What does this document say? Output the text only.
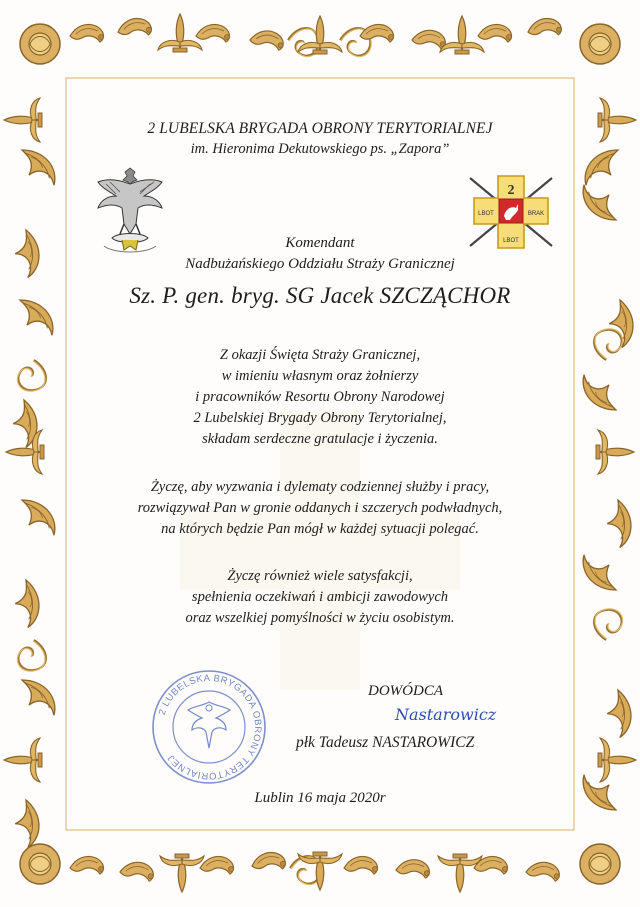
2 LUBELSKA BRYGADA OBRONY TERYTORIALNEJ
im. Hieronima Dekutowskiego ps. „Zapora”
2
LBOT	BRAK
LBOT
Komendant
Nadbużańskiego Oddziału Straży Granicznej
Sz. P. gen. bryg. SG Jacek SZCZĄCHOR
Z okazji Święta Straży Granicznej,
w imieniu własnym oraz żołnierzy
i pracowników Resortu Obrony Narodowej
2 Lubelskiej Brygady Obrony Terytorialnej,
składam serdeczne gratulacje i życzenia.
Życzę, aby wyzwania i dylematy codziennej służby i pracy,
rozwiązywał Pan w gronie oddanych i szczerych podwładnych,
na których będzie Pan mógł w każdej sytuacji polegać.
Życzę również wiele satysfakcji,
spełnienia oczekiwań i ambicji zawodowych
oraz wszelkiej pomyślności w życiu osobistym.
2 LUBELSKA BRYGADA OBRONY TERYTORIALNEJ
DOWÓDCA
Nastarowicz
płk Tadeusz NASTAROWICZ
Lublin 16 maja 2020r
